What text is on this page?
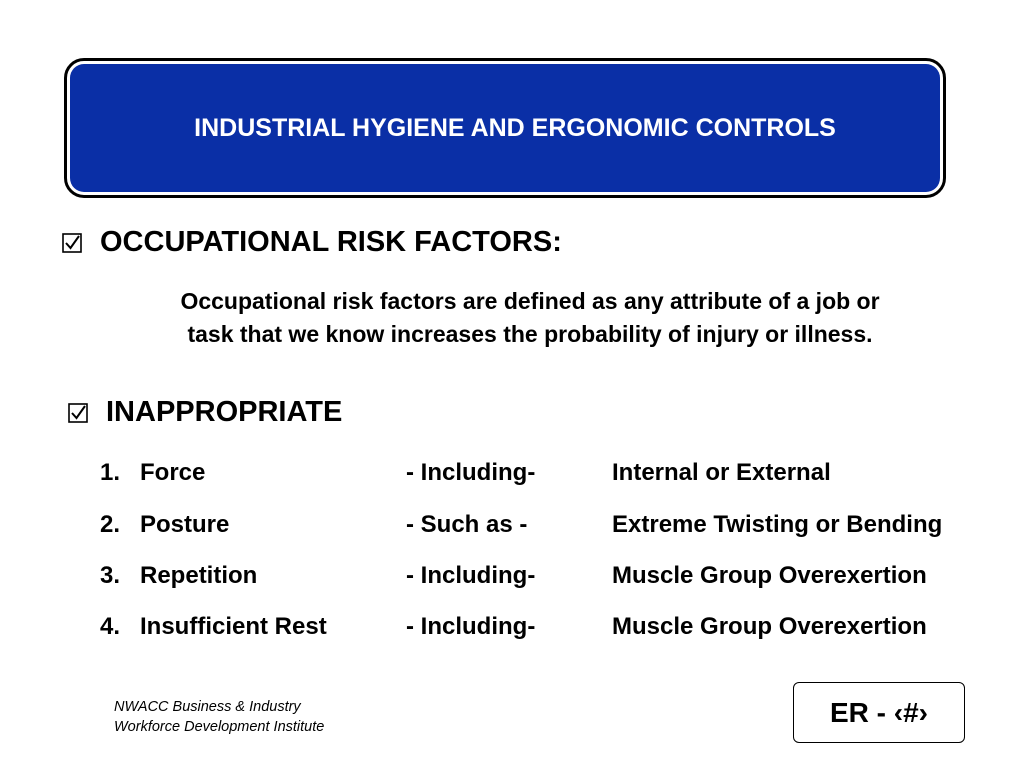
INDUSTRIAL HYGIENE AND ERGONOMIC CONTROLS
OCCUPATIONAL RISK FACTORS:
Occupational risk factors are defined as any attribute of a job or
task that we know increases the probability of injury or illness.
INAPPROPRIATE
1. Force	- Including-	Internal or External
2. Posture	- Such as -	Extreme Twisting or Bending
3. Repetition	- Including-	Muscle Group Overexertion
4. Insufficient Rest	- Including-	Muscle Group Overexertion
NWACC Business & Industry
Workforce Development Institute	ER - ‹#›
